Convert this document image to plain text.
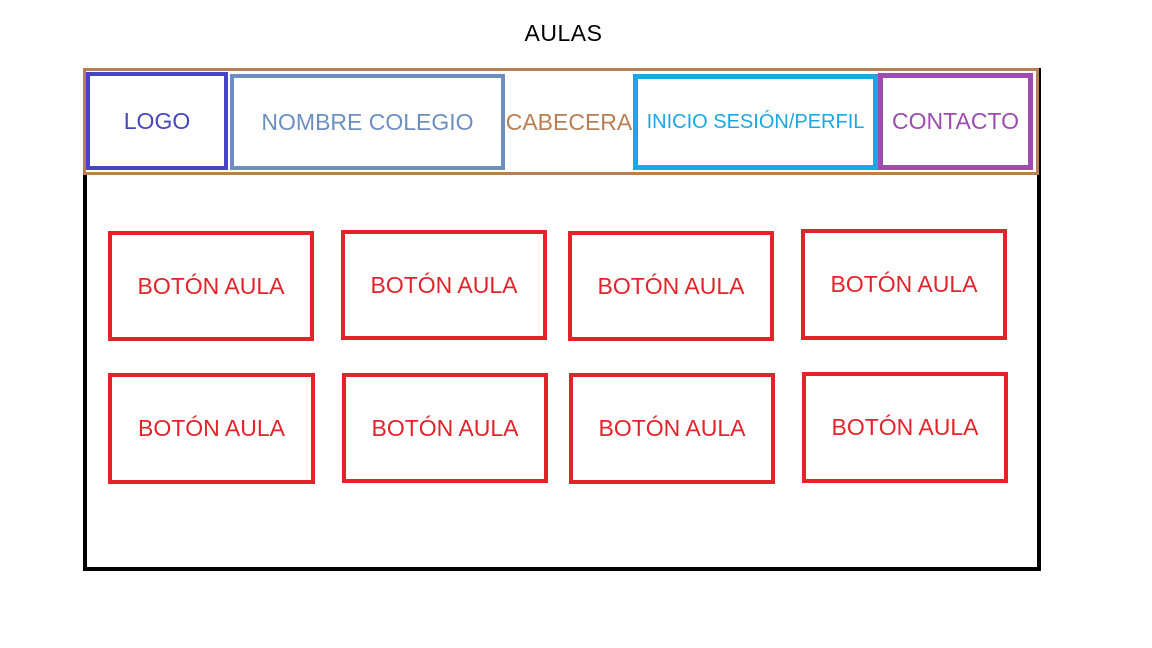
AULAS
LOGO	NOMBRE COLEGIO	CABECERA INICIO SESIÓN/PERFIL	CONTACTO
BOTÓN AULA	BOTÓN AULA	BOTÓN AULA	BOTÓN AULA
BOTÓN AULA	BOTÓN AULA	BOTÓN AULA	BOTÓN AULA
